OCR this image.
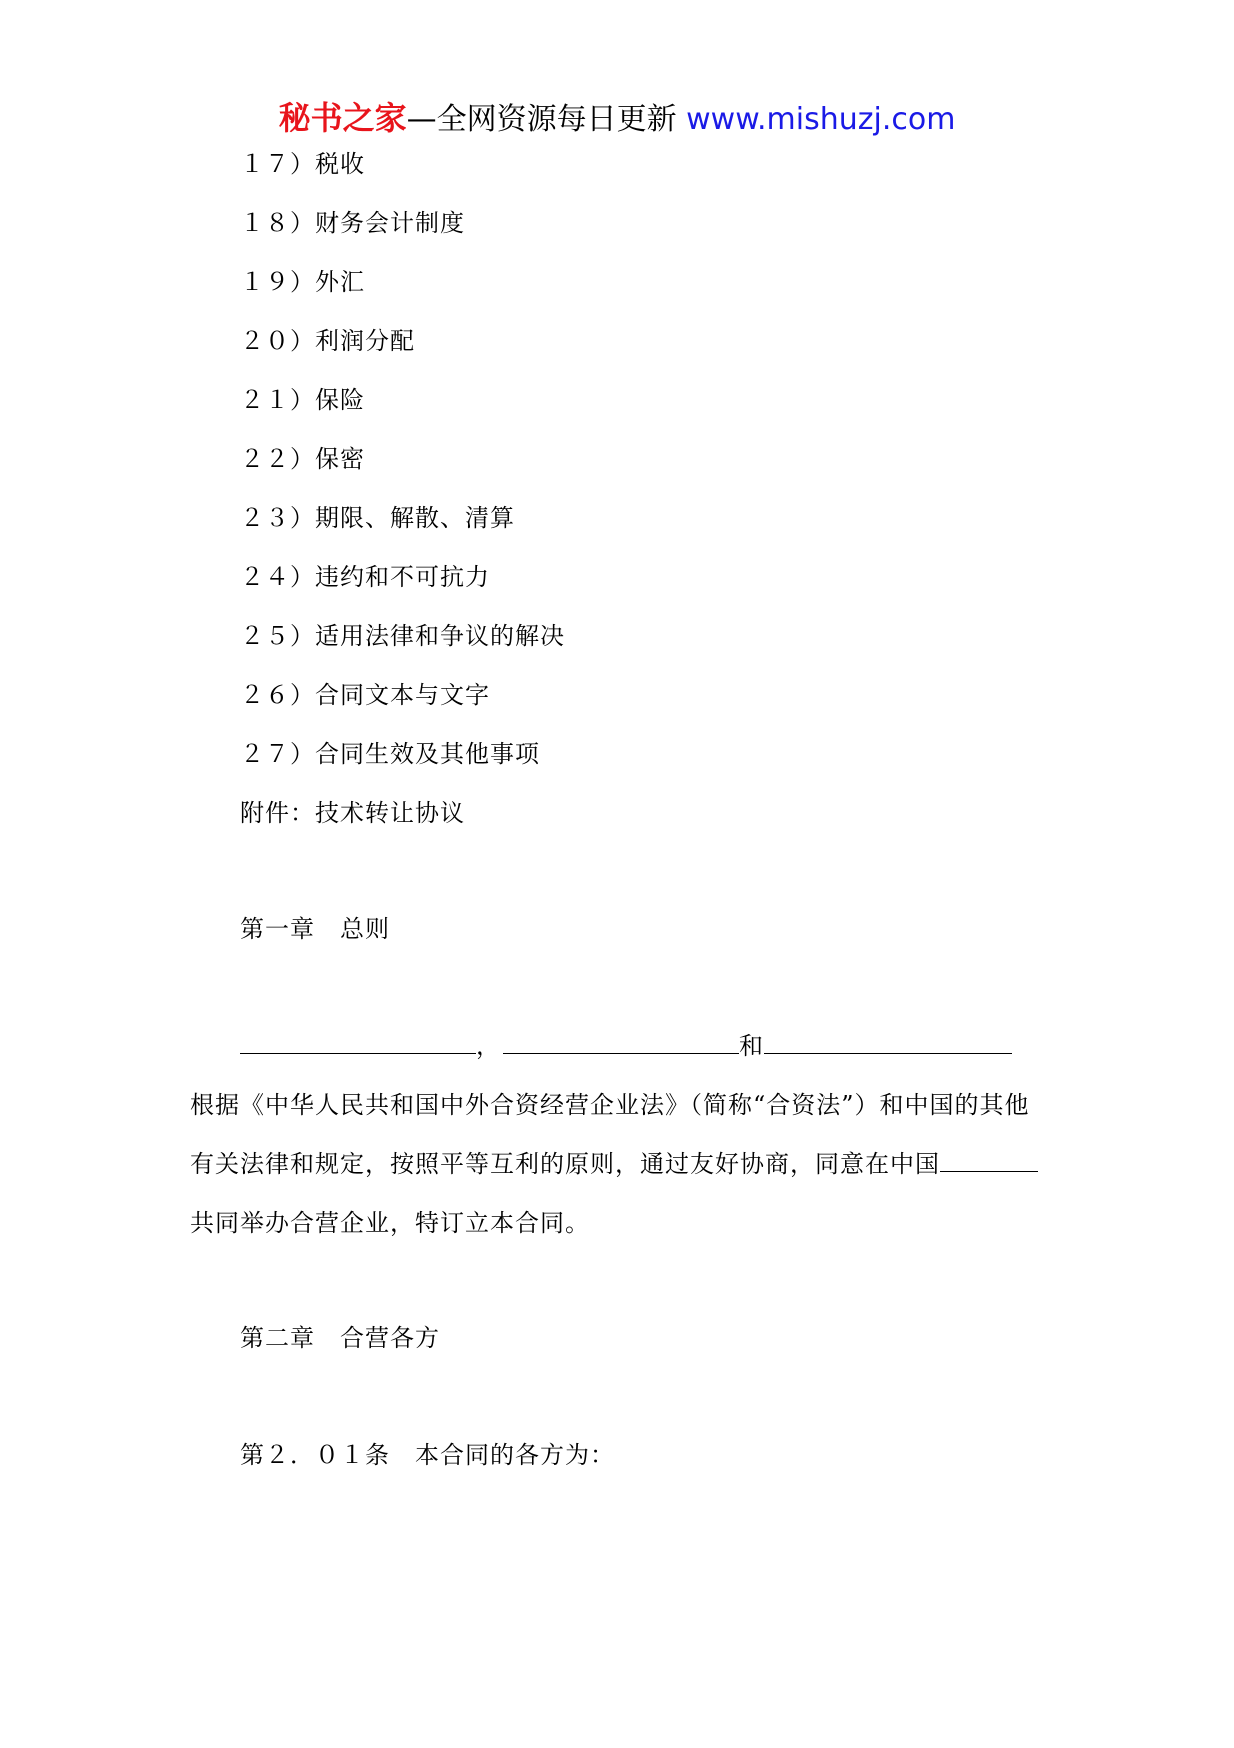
秘书之家—全网资源每日更新 www.mishuzj.com
１７）税收
１８）财务会计制度
１９）外汇
２０）利润分配
２１）保险
２２）保密
２３）期限、解散、清算
２４）违约和不可抗力
２５）适用法律和争议的解决
２６）合同文本与文字
２７）合同生效及其他事项
附件：技术转让协议
第一章　总则
，	和
根据《中华人民共和国中外合资经营企业法》（简称“合资法”）和中国的其他
有关法律和规定，按照平等互利的原则，通过友好协商，同意在中国
共同举办合营企业，特订立本合同。
第二章　合营各方
第２．０１条　本合同的各方为：
